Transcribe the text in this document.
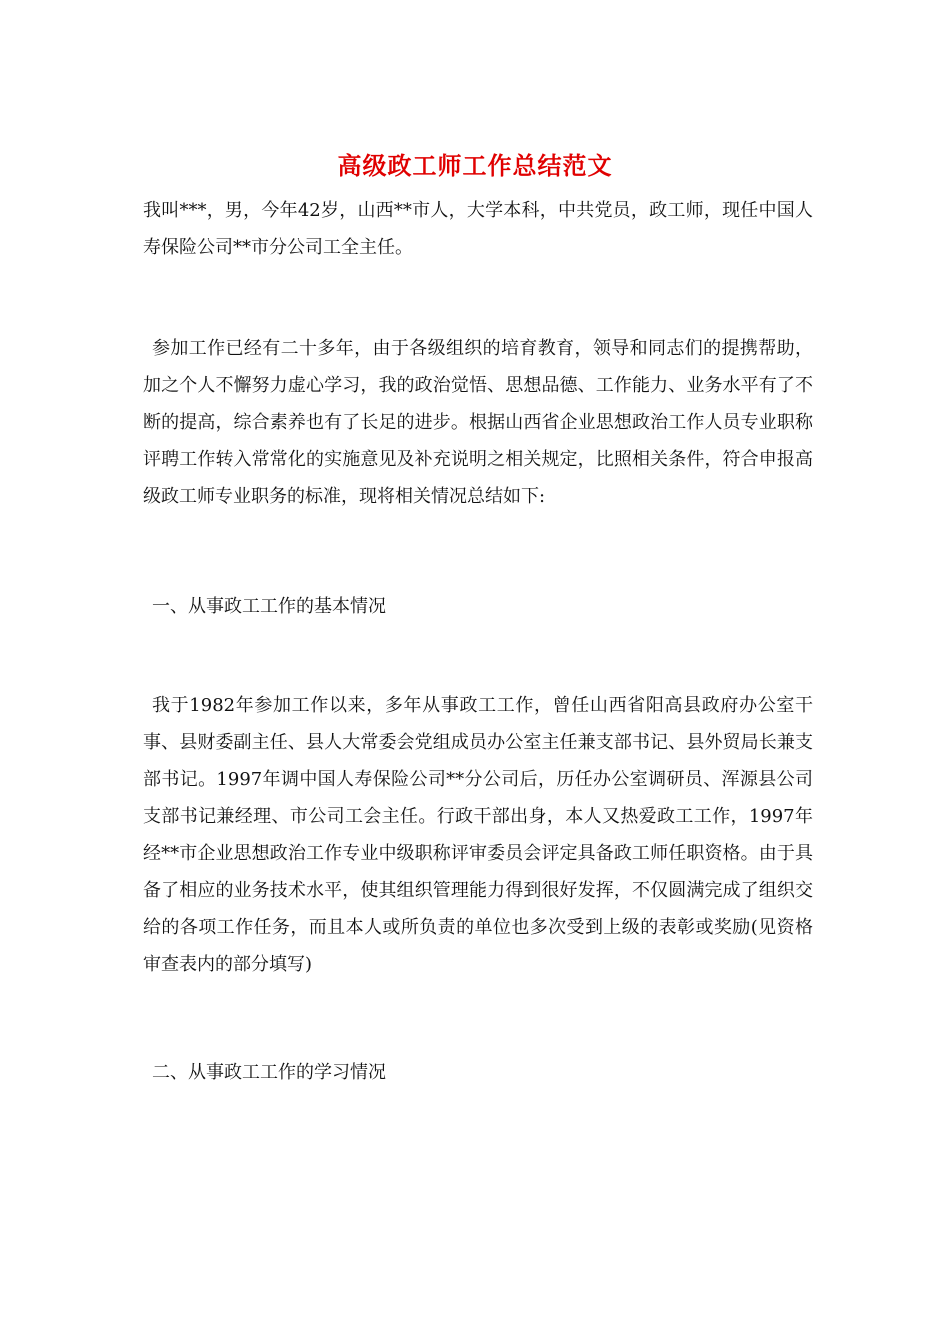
高级政工师工作总结范文
我叫***，男，今年42岁，山西**市人，大学本科，中共党员，政工师，现任中国人寿保险公司**市分公司工全主任。
参加工作已经有二十多年，由于各级组织的培育教育，领导和同志们的提携帮助，加之个人不懈努力虚心学习，我的政治觉悟、思想品德、工作能力、业务水平有了不断的提高，综合素养也有了长足的进步。根据山西省企业思想政治工作人员专业职称评聘工作转入常常化的实施意见及补充说明之相关规定，比照相关条件，符合申报高级政工师专业职务的标准，现将相关情况总结如下:
一、从事政工工作的基本情况
我于1982年参加工作以来，多年从事政工工作，曾任山西省阳高县政府办公室干事、县财委副主任、县人大常委会党组成员办公室主任兼支部书记、县外贸局长兼支部书记。1997年调中国人寿保险公司**分公司后，历任办公室调研员、浑源县公司支部书记兼经理、市公司工会主任。行政干部出身，本人又热爱政工工作，1997年经**市企业思想政治工作专业中级职称评审委员会评定具备政工师任职资格。由于具备了相应的业务技术水平，使其组织管理能力得到很好发挥，不仅圆满完成了组织交给的各项工作任务，而且本人或所负责的单位也多次受到上级的表彰或奖励(见资格审查表内的部分填写)
二、从事政工工作的学习情况
